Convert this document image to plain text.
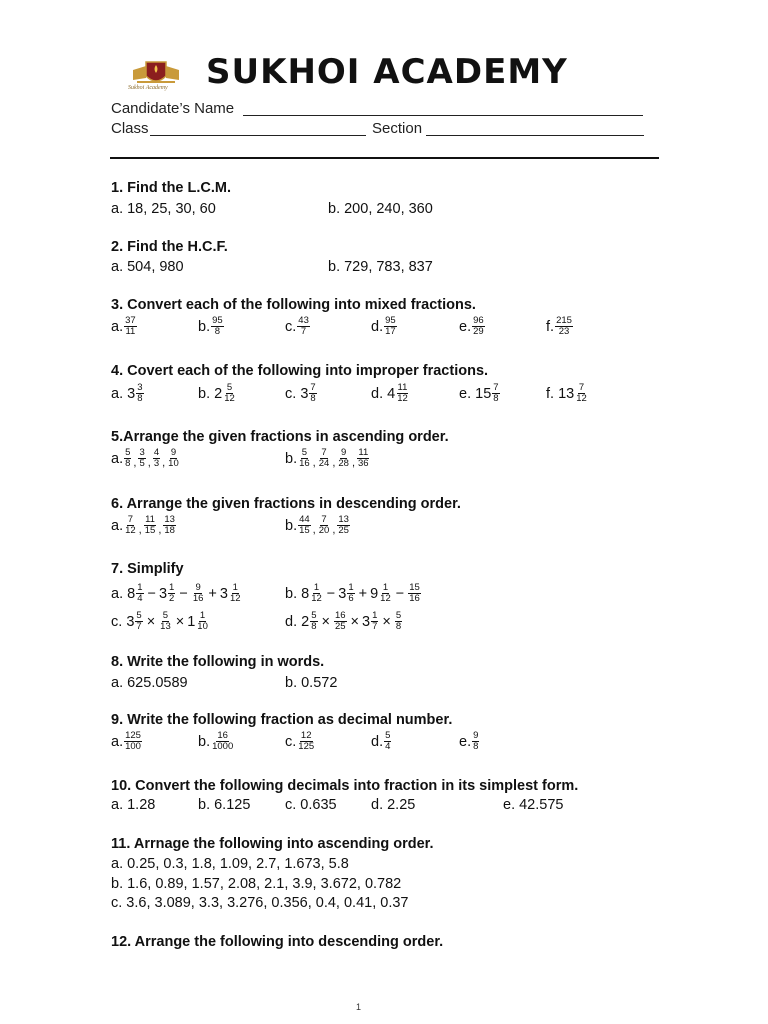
Sukhoi Academy SUKHOI ACADEMY
Candidate’s Name
Class	Section
1. Find the L.C.M.
a. 18, 25, 30, 60	b. 200, 240, 360
2. Find the H.C.F.
a. 504, 980	b. 729, 783, 837
3. Convert each of the following into mixed fractions.
a. $\frac{37}{11}$	b. $\frac{95}{8}$	c. $\frac{43}{7}$	d. $\frac{95}{17}$	e. $\frac{96}{29}$	f. $\frac{215}{23}$
4. Covert each of the following into improper fractions.
a.
$3 \frac{3}{8}$	b.
$2 \frac{5}{12}$	c.
$3 \frac{7}{8}$	d.
$4 \frac{11}{12}$	e.
$15 \frac{7}{8}$	f.
$13 \frac{7}{12}$
5.Arrange the given fractions in ascending order.
a. $\frac{5}{8}$ , $\frac{3}{5}$ , $\frac{4}{3}$ , $\frac{9}{10}$	b. $\frac{5}{16}$ , $\frac{7}{24}$ , $\frac{9}{28}$ , $\frac{11}{36}$
6. Arrange the given fractions in descending order.
a. $\frac{7}{12}$ , $\frac{11}{15}$ , $\frac{13}{18}$	b. $\frac{44}{15}$ , $\frac{7}{20}$ , $\frac{13}{25}$
7. Simplify
a.
$8 \frac{1}{4} - 3 \frac{1}{2} - \frac{9}{16} + 3 \frac{1}{12}$	b.
$8 \frac{1}{12} - 3 \frac{1}{6} + 9 \frac{1}{12} - \frac{15}{16}$
c.
$3 \frac{5}{7} \times \frac{5}{13} \times 1 \frac{1}{10}$	d.
$2 \frac{5}{8} \times \frac{16}{25} \times 3 \frac{1}{7} \times \frac{5}{8}$
8. Write the following in words.
a. 625.0589	b. 0.572
9. Write the following fraction as decimal number.
a. $\frac{125}{100}$	b. $\frac{16}{1000}$	c. $\frac{12}{125}$	d. $\frac{5}{4}$	e. $\frac{9}{8}$
10. Convert the following decimals into fraction in its simplest form.
a. 1.28	b. 6.125 c. 0.635 d. 2.25	e. 42.575
11. Arrnage the following into ascending order.
a. 0.25, 0.3, 1.8, 1.09, 2.7, 1.673, 5.8
b. 1.6, 0.89, 1.57, 2.08, 2.1, 3.9, 3.672, 0.782
c. 3.6, 3.089, 3.3, 3.276, 0.356, 0.4, 0.41, 0.37
12. Arrange the following into descending order.
1
